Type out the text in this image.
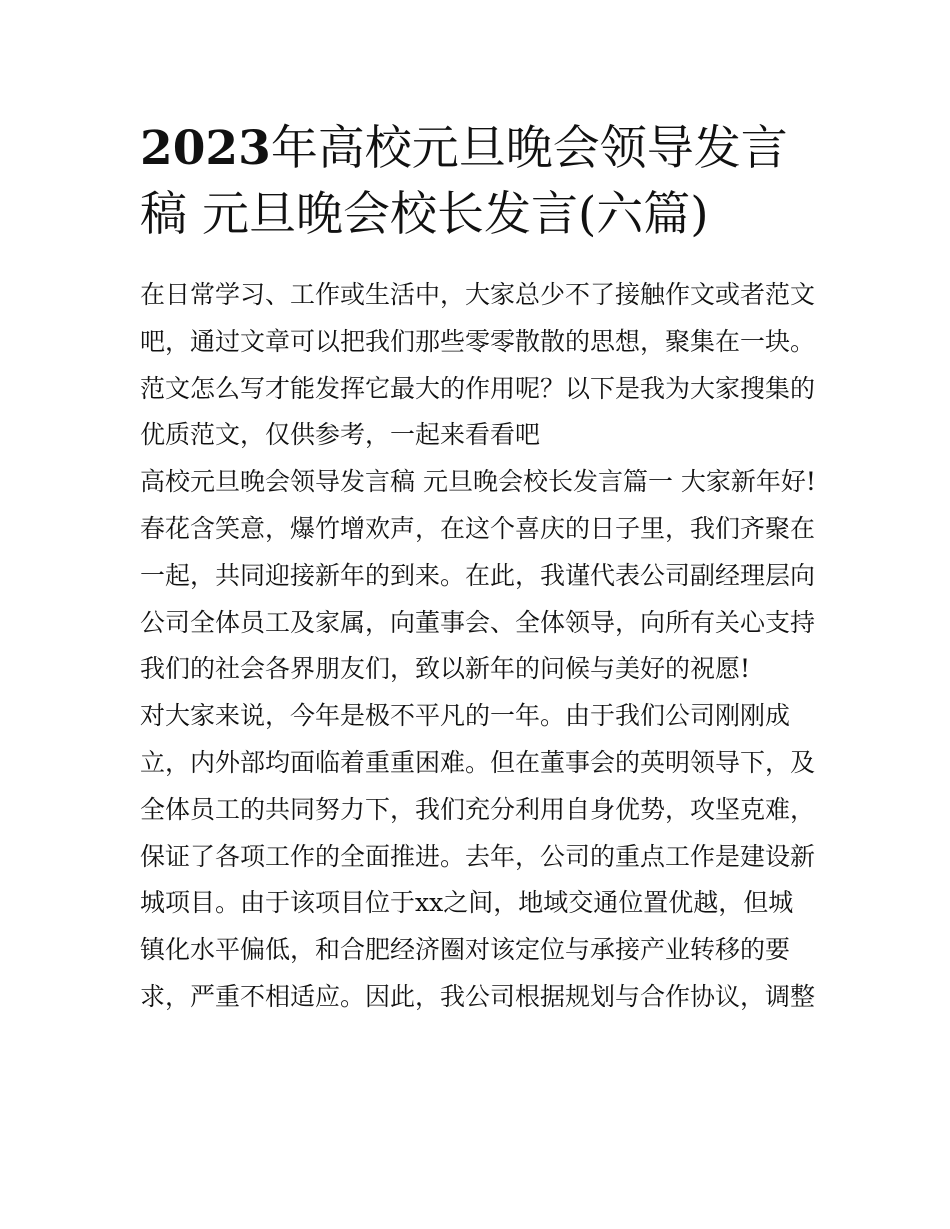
2023年高校元旦晚会领导发言
稿 元旦晚会校长发言(六篇)
在日常学习、工作或生活中，大家总少不了接触作文或者范文
吧，通过文章可以把我们那些零零散散的思想，聚集在一块。
范文怎么写才能发挥它最大的作用呢？以下是我为大家搜集的
优质范文，仅供参考，一起来看看吧
高校元旦晚会领导发言稿 元旦晚会校长发言篇一 大家新年好!
春花含笑意，爆竹增欢声，在这个喜庆的日子里，我们齐聚在
一起，共同迎接新年的到来。在此，我谨代表公司副经理层向
公司全体员工及家属，向董事会、全体领导，向所有关心支持
我们的社会各界朋友们，致以新年的问候与美好的祝愿!
对大家来说，今年是极不平凡的一年。由于我们公司刚刚成
立，内外部均面临着重重困难。但在董事会的英明领导下，及
全体员工的共同努力下，我们充分利用自身优势，攻坚克难，
保证了各项工作的全面推进。去年，公司的重点工作是建设新
城项目。由于该项目位于xx之间，地域交通位置优越，但城
镇化水平偏低，和合肥经济圈对该定位与承接产业转移的要
求，严重不相适应。因此，我公司根据规划与合作协议，调整
